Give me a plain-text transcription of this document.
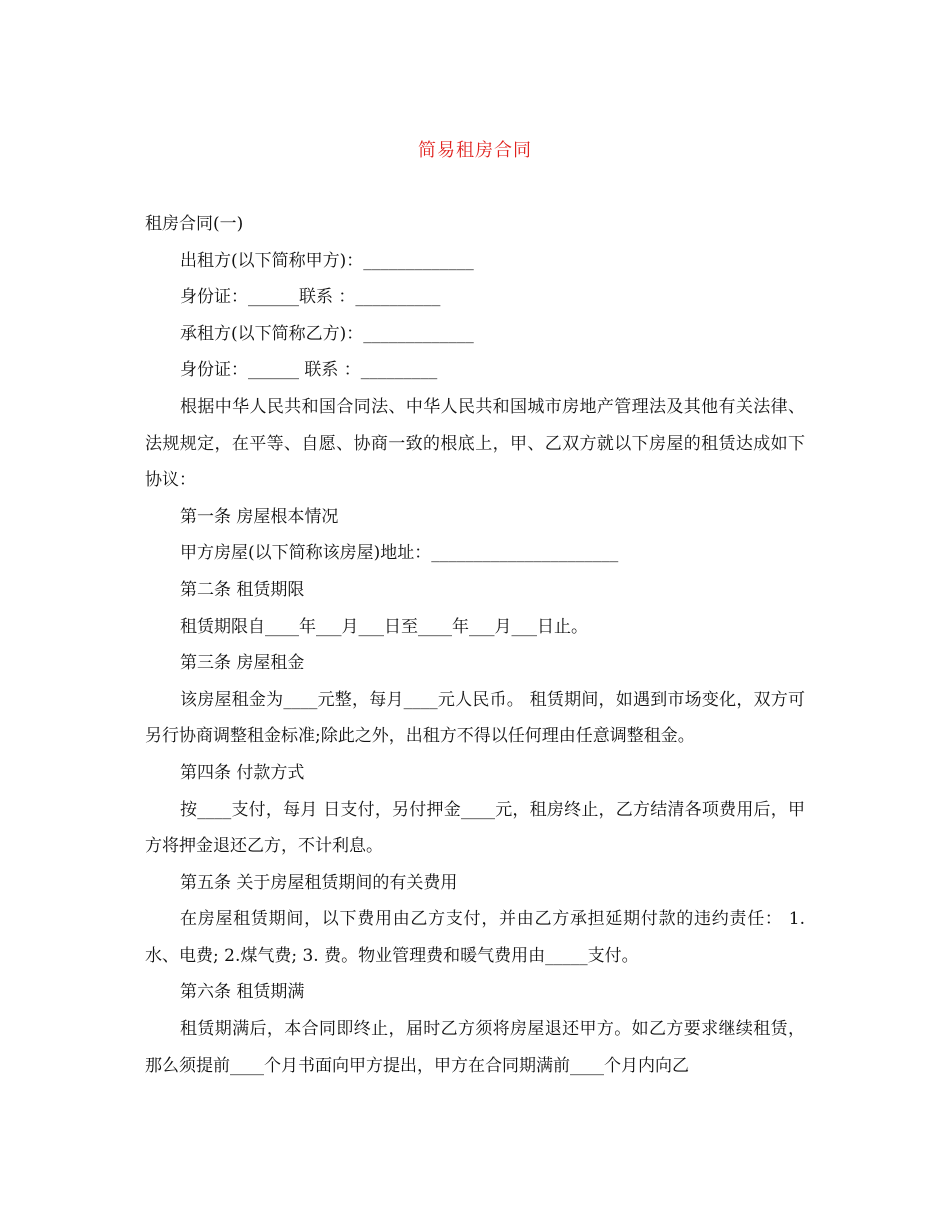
简易租房合同

租房合同(一)

出租方(以下简称甲方)：_____________

身份证：______联系 ：__________

承租方(以下简称乙方)：_____________

身份证：______ 联系 ：_________

根据中华人民共和国合同法、中华人民共和国城市房地产管理法及其他有关法律、法规规定，在平等、自愿、协商一致的根底上，甲、乙双方就以下房屋的租赁达成如下协议：

第一条 房屋根本情况

甲方房屋(以下简称该房屋)地址：______________________

第二条 租赁期限

租赁期限自____年___月___日至____年___月___日止。

第三条 房屋租金

该房屋租金为____元整，每月____元人民币。 租赁期间，如遇到市场变化，双方可另行协商调整租金标准;除此之外，出租方不得以任何理由任意调整租金。

第四条 付款方式

按____支付，每月 日支付，另付押金____元，租房终止，乙方结清各项费用后，甲方将押金退还乙方，不计利息。

第五条 关于房屋租赁期间的有关费用

在房屋租赁期间，以下费用由乙方支付，并由乙方承担延期付款的违约责任： 1.水、电费; 2.煤气费; 3. 费。物业管理费和暖气费用由_____支付。

第六条 租赁期满

租赁期满后，本合同即终止，届时乙方须将房屋退还甲方。如乙方要求继续租赁，那么须提前____个月书面向甲方提出，甲方在合同期满前____个月内向乙
